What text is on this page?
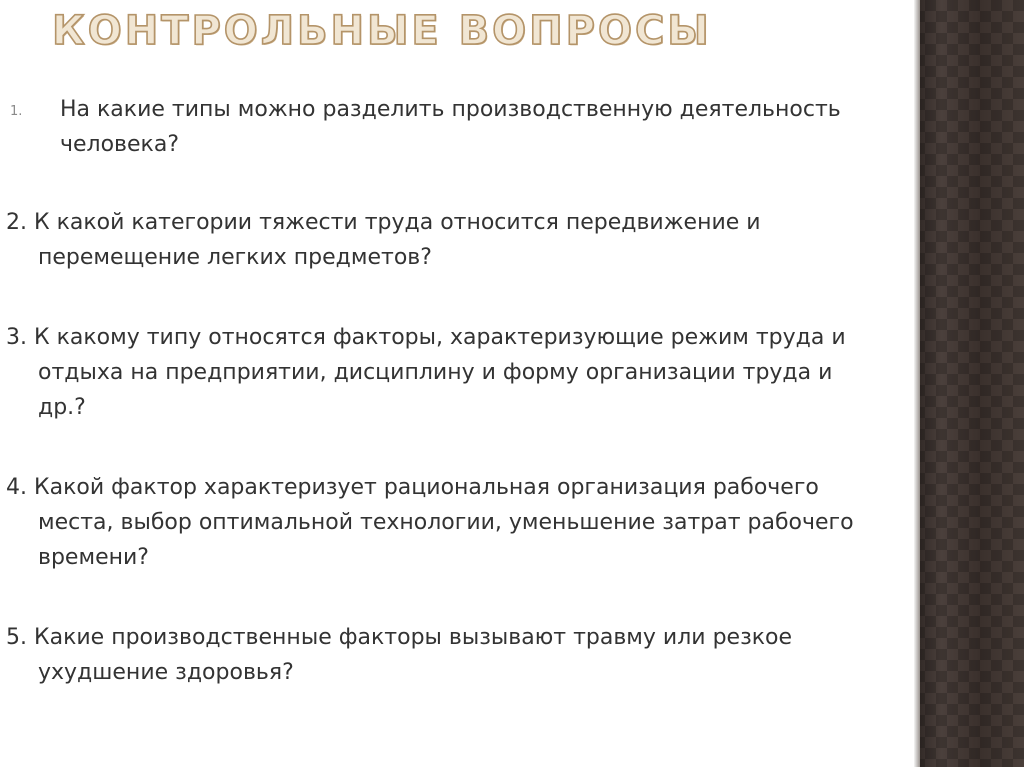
КОНТРОЛЬНЫЕ ВОПРОСЫ
1. На какие типы можно разделить производственную деятельность человека?
2. К какой категории тяжести труда относится передвижение и перемещение легких предметов?
3. К какому типу относятся факторы, характеризующие режим труда и отдыха на предприятии, дисциплину и форму организации труда и др.?
4. Какой фактор характеризует рациональная организация рабочего места, выбор оптимальной технологии, уменьшение затрат рабочего времени?
5. Какие производственные факторы вызывают травму или резкое ухудшение здоровья?
